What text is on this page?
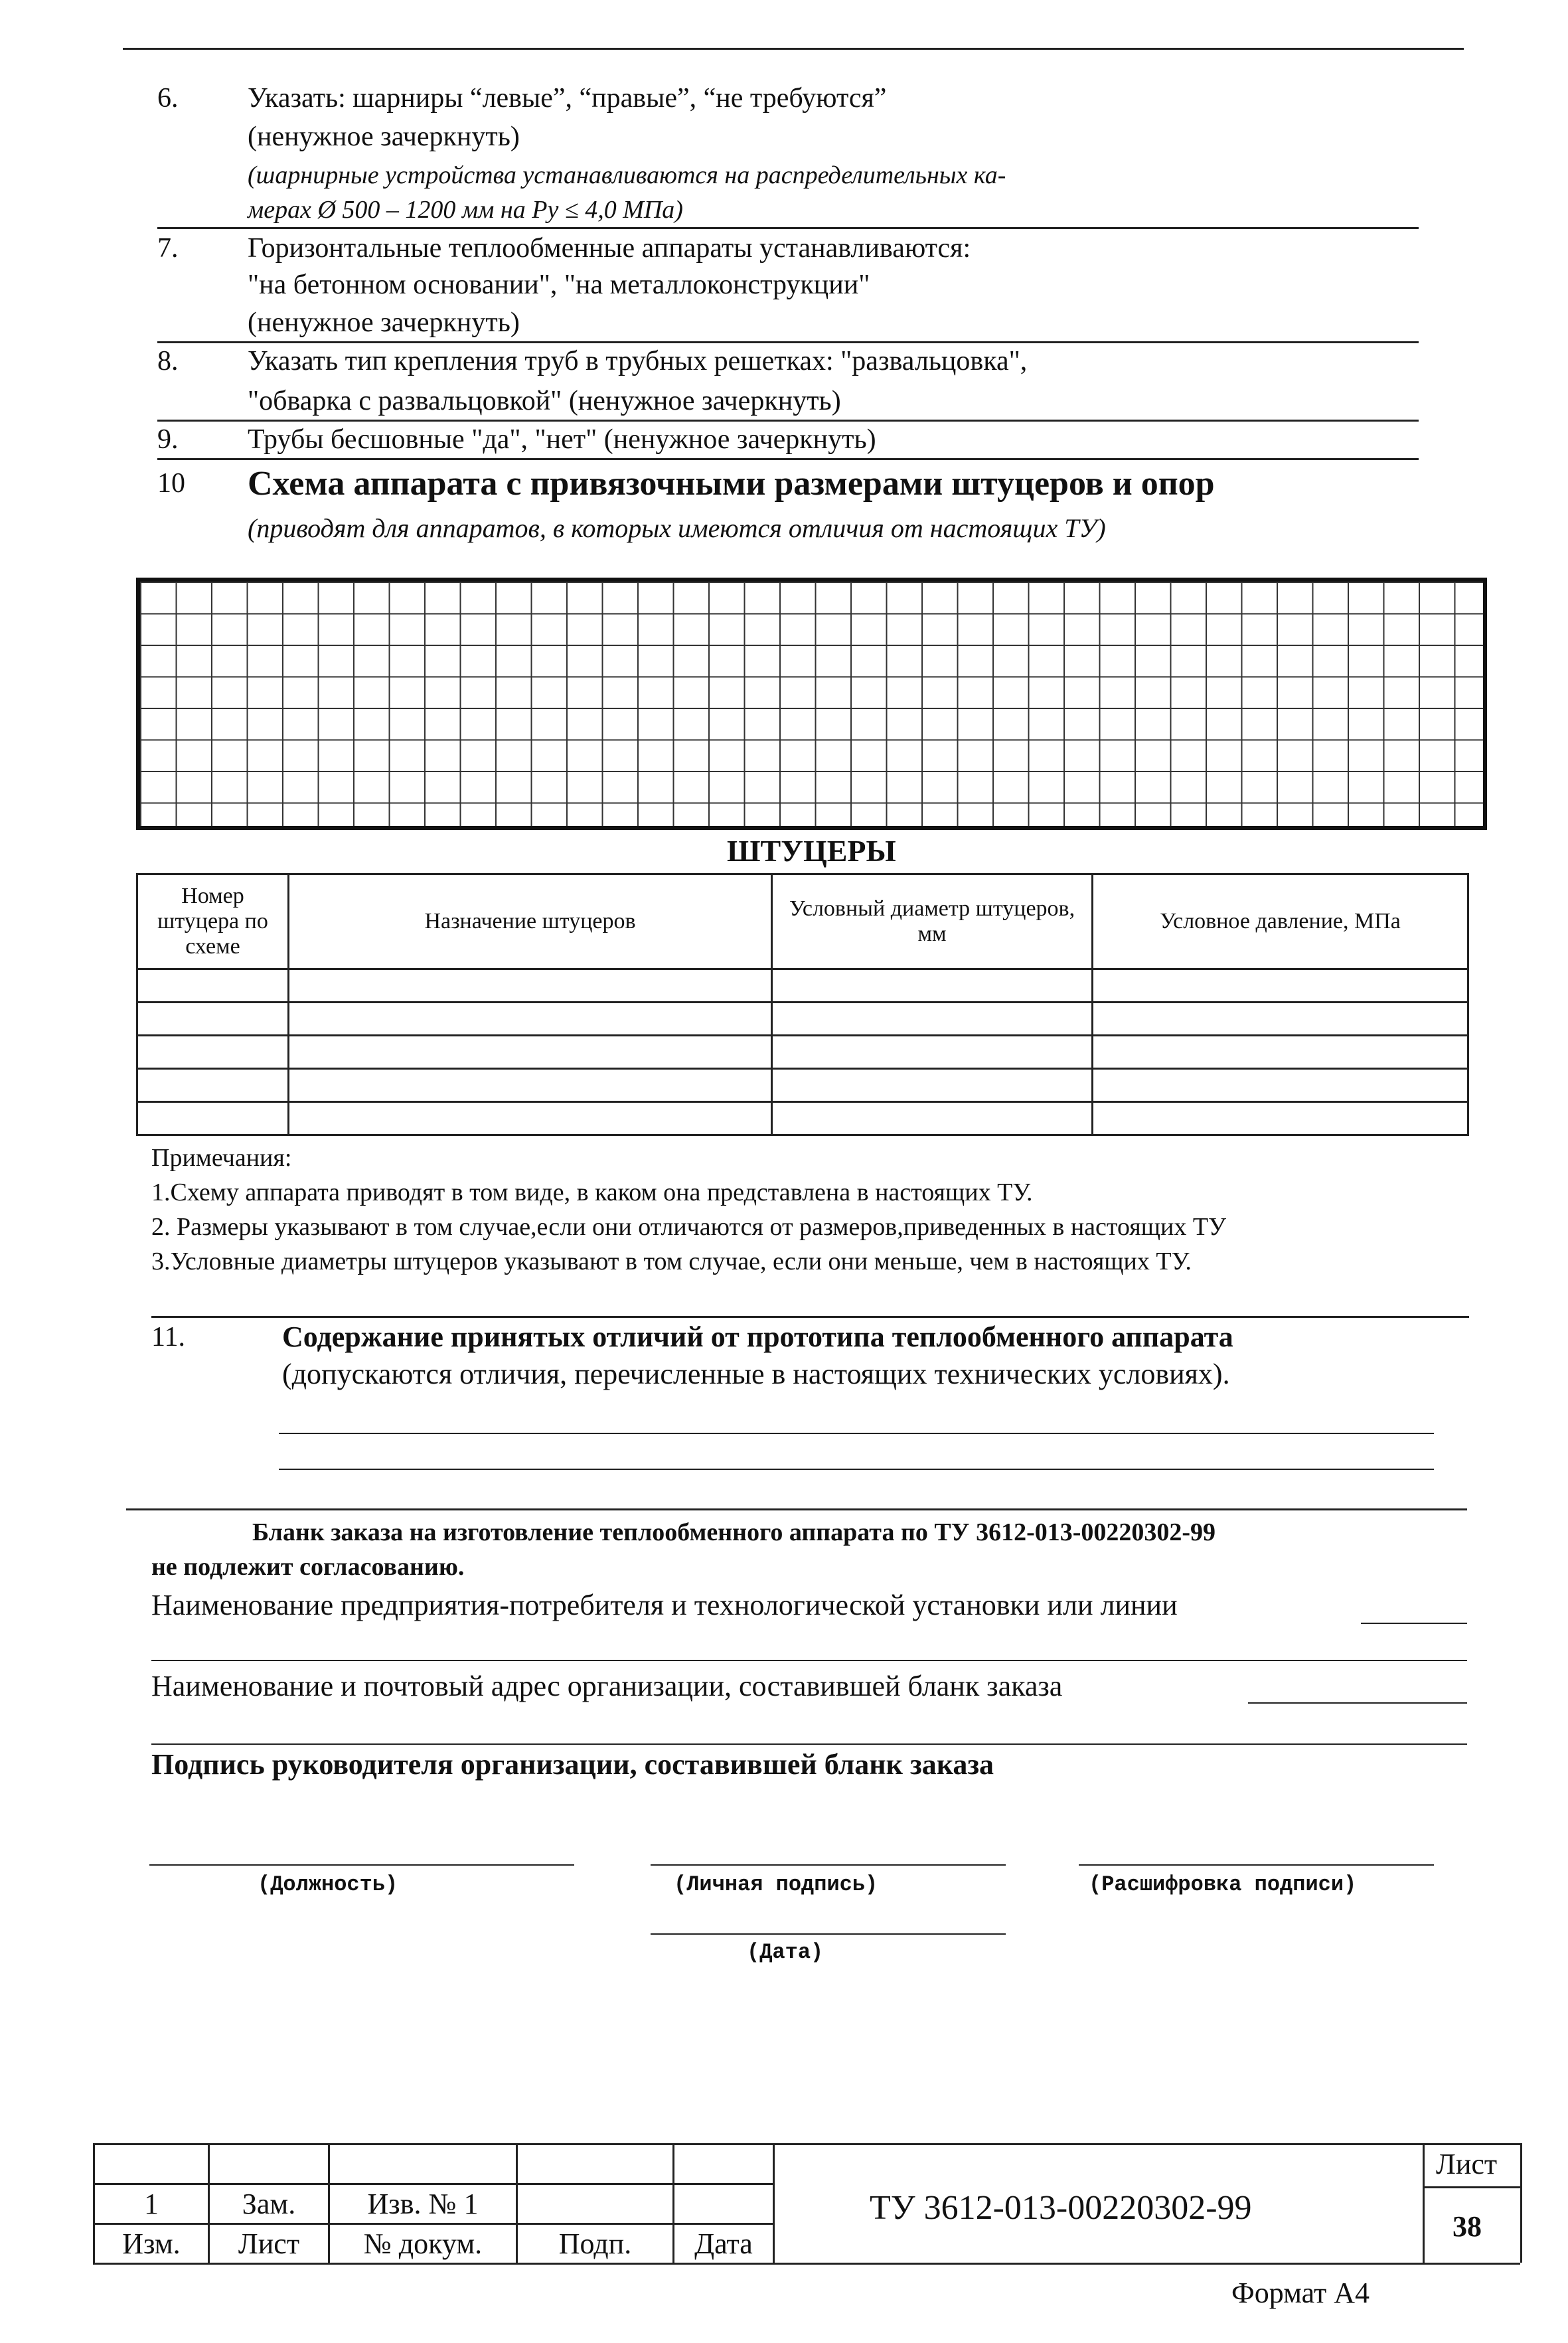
6. Указать: шарниры “левые”, “правые”, “не требуются”
(ненужное зачеркнуть)
(шарнирные устройства устанавливаются на распределительных ка-
мерах Ø 500 – 1200 мм на Ру ≤ 4,0 МПа)
7. Горизонтальные теплообменные аппараты устанавливаются:
"на бетонном основании", "на металлоконструкции"
(ненужное зачеркнуть)
8. Указать тип крепления труб в трубных решетках: "развальцовка",
"обварка с развальцовкой" (ненужное зачеркнуть)
9. Трубы бесшовные "да", "нет" (ненужное зачеркнуть)
10 Схема аппарата с привязочными размерами штуцеров и опор
(приводят для аппаратов, в которых имеются отличия от настоящих ТУ)
ШТУЦЕРЫ
Номер штуцера по схеме	Назначение штуцеров	Условный диаметр штуцеров, мм	Условное давление, МПа

Примечания:
1.Схему аппарата приводят в том виде, в каком она представлена в настоящих ТУ.
2. Размеры указывают в том случае,если они отличаются от размеров,приведенных в настоящих ТУ
3.Условные диаметры штуцеров указывают в том случае, если они меньше, чем в настоящих ТУ.
11.	Содержание принятых отличий от прототипа теплообменного аппарата
(допускаются отличия, перечисленные в настоящих технических условиях).
Бланк заказа на изготовление теплообменного аппарата по ТУ 3612-013-00220302-99
не подлежит согласованию.
Наименование предприятия-потребителя и технологической установки или линии
Наименование и почтовый адрес организации, составившей бланк заказа
Подпись руководителя организации, составившей бланк заказа
(Должность)	(Личная подпись)	(Расшифровка подписи)
(Дата)

1	Зам.	Изв. № 1		
Изм.	Лист	№ докум.	Подп.	Дата
ТУ 3612-013-00220302-99
Лист
38
Формат А4
